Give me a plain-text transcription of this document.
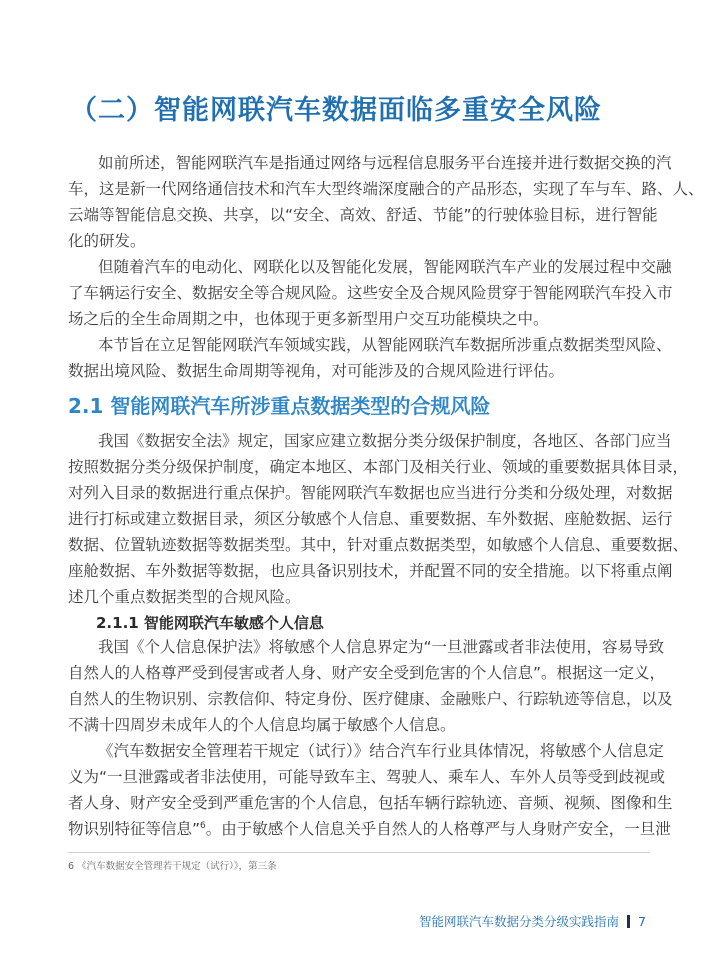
（二）智能网联汽车数据面临多重安全风险
如前所述，智能网联汽车是指通过网络与远程信息服务平台连接并进行数据交换的汽
车，这是新一代网络通信技术和汽车大型终端深度融合的产品形态，实现了车与车、路、人、
云端等智能信息交换、共享，以“安全、高效、舒适、节能”的行驶体验目标，进行智能
化的研发。
但随着汽车的电动化、网联化以及智能化发展，智能网联汽车产业的发展过程中交融
了车辆运行安全、数据安全等合规风险。这些安全及合规风险贯穿于智能网联汽车投入市
场之后的全生命周期之中，也体现于更多新型用户交互功能模块之中。
本节旨在立足智能网联汽车领域实践，从智能网联汽车数据所涉重点数据类型风险、
数据出境风险、数据生命周期等视角，对可能涉及的合规风险进行评估。
2.1 智能网联汽车所涉重点数据类型的合规风险
我国《数据安全法》规定，国家应建立数据分类分级保护制度，各地区、各部门应当
按照数据分类分级保护制度，确定本地区、本部门及相关行业、领域的重要数据具体目录，
对列入目录的数据进行重点保护。智能网联汽车数据也应当进行分类和分级处理，对数据
进行打标或建立数据目录，须区分敏感个人信息、重要数据、车外数据、座舱数据、运行
数据、位置轨迹数据等数据类型。其中，针对重点数据类型，如敏感个人信息、重要数据、
座舱数据、车外数据等数据，也应具备识别技术，并配置不同的安全措施。以下将重点阐
述几个重点数据类型的合规风险。
2.1.1 智能网联汽车敏感个人信息
我国《个人信息保护法》将敏感个人信息界定为“一旦泄露或者非法使用，容易导致
自然人的人格尊严受到侵害或者人身、财产安全受到危害的个人信息”。根据这一定义，
自然人的生物识别、宗教信仰、特定身份、医疗健康、金融账户、行踪轨迹等信息，以及
不满十四周岁未成年人的个人信息均属于敏感个人信息。
《汽车数据安全管理若干规定（试行）》结合汽车行业具体情况，将敏感个人信息定
义为“一旦泄露或者非法使用，可能导致车主、驾驶人、乘车人、车外人员等受到歧视或
者人身、财产安全受到严重危害的个人信息，包括车辆行踪轨迹、音频、视频、图像和生
物识别特征等信息”$^6$。由于敏感个人信息关乎自然人的人格尊严与人身财产安全，一旦泄
6 《汽车数据安全管理若干规定（试行）》，第三条
智能网联汽车数据分类分级实践指南 7
